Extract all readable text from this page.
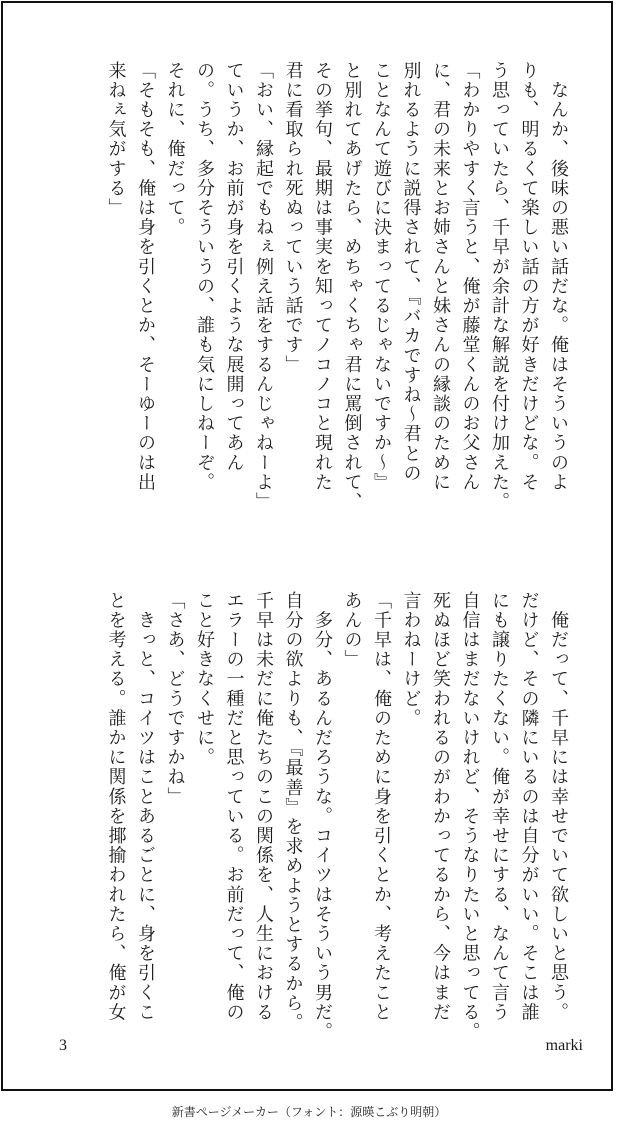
　なんか、後味の悪い話だな。俺はそういうのよ

りも、明るくて楽しい話の方が好きだけどな。そ

う思っていたら、千早が余計な解説を付け加えた。

「わかりやすく言うと、俺が藤堂くんのお父さん

に、君の未来とお姉さんと妹さんの縁談のために

別れるように説得されて、『バカですね～君との

ことなんて遊びに決まってるじゃないですか～』

と別れてあげたら、めちゃくちゃ君に罵倒されて、

その挙句、最期は事実を知ってノコノコと現れた

君に看取られ死ぬっていう話です」

「おい、縁起でもねぇ例え話をするんじゃねーよ」

ていうか、お前が身を引くような展開ってあん

の。うち、多分そういうの、誰も気にしねーぞ。

それに、俺だって。

「そもそも、俺は身を引くとか、そーゆーのは出

来ねぇ気がする」

　俺だって、千早には幸せでいて欲しいと思う。

だけど、その隣にいるのは自分がいい。そこは誰

にも譲りたくない。俺が幸せにする、なんて言う

自信はまだないけれど、そうなりたいと思ってる。

死ぬほど笑われるのがわかってるから、今はまだ

言わねーけど。

「千早は、俺のために身を引くとか、考えたこと

あんの」

　多分、あるんだろうな。コイツはそういう男だ。

自分の欲よりも、『最善』を求めようとするから。

千早は未だに俺たちのこの関係を、人生における

エラーの一種だと思っている。お前だって、俺の

こと好きなくせに。

「さあ、どうですかね」

　きっと、コイツはことあるごとに、身を引くこ

とを考える。誰かに関係を揶揄われたら、俺が女

3	marki
新書ページメーカー（フォント：源暎こぶり明朝）
